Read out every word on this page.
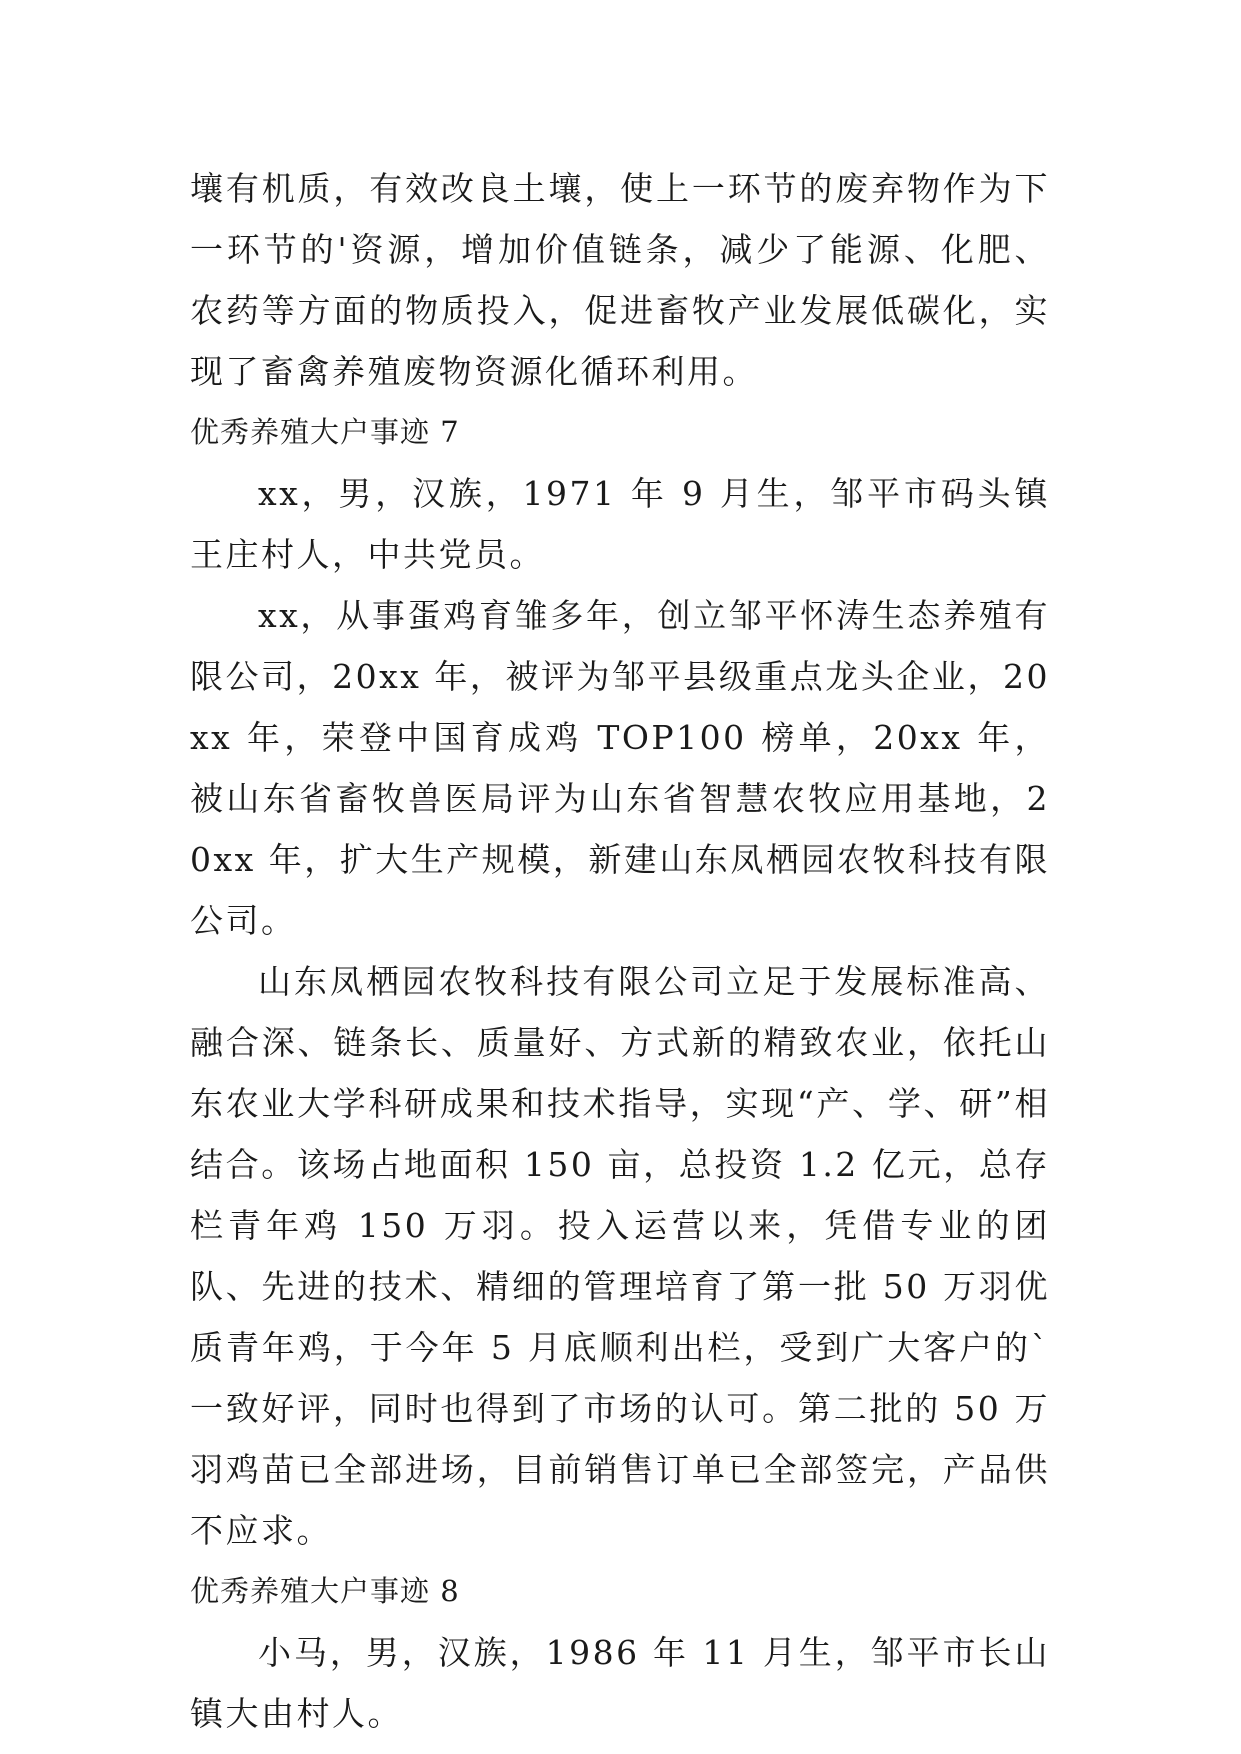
壤有机质，有效改良土壤，使上一环节的废弃物作为下一环节的'资源，增加价值链条，减少了能源、化肥、农药等方面的物质投入，促进畜牧产业发展低碳化，实现了畜禽养殖废物资源化循环利用。

优秀养殖大户事迹 7

xx，男，汉族，1971 年 9 月生，邹平市码头镇王庄村人，中共党员。

xx，从事蛋鸡育雏多年，创立邹平怀涛生态养殖有限公司，20xx 年，被评为邹平县级重点龙头企业，20xx 年，荣登中国育成鸡 TOP100 榜单，20xx 年，被山东省畜牧兽医局评为山东省智慧农牧应用基地，20xx 年，扩大生产规模，新建山东凤栖园农牧科技有限公司。

山东凤栖园农牧科技有限公司立足于发展标准高、融合深、链条长、质量好、方式新的精致农业，依托山东农业大学科研成果和技术指导，实现“产、学、研”相结合。该场占地面积 150 亩，总投资 1.2 亿元，总存栏青年鸡 150 万羽。投入运营以来，凭借专业的团队、先进的技术、精细的管理培育了第一批 50 万羽优质青年鸡，于今年 5 月底顺利出栏，受到广大客户的`一致好评，同时也得到了市场的认可。第二批的 50 万羽鸡苗已全部进场，目前销售订单已全部签完，产品供不应求。

优秀养殖大户事迹 8

小马，男，汉族，1986 年 11 月生，邹平市长山镇大由村人。
